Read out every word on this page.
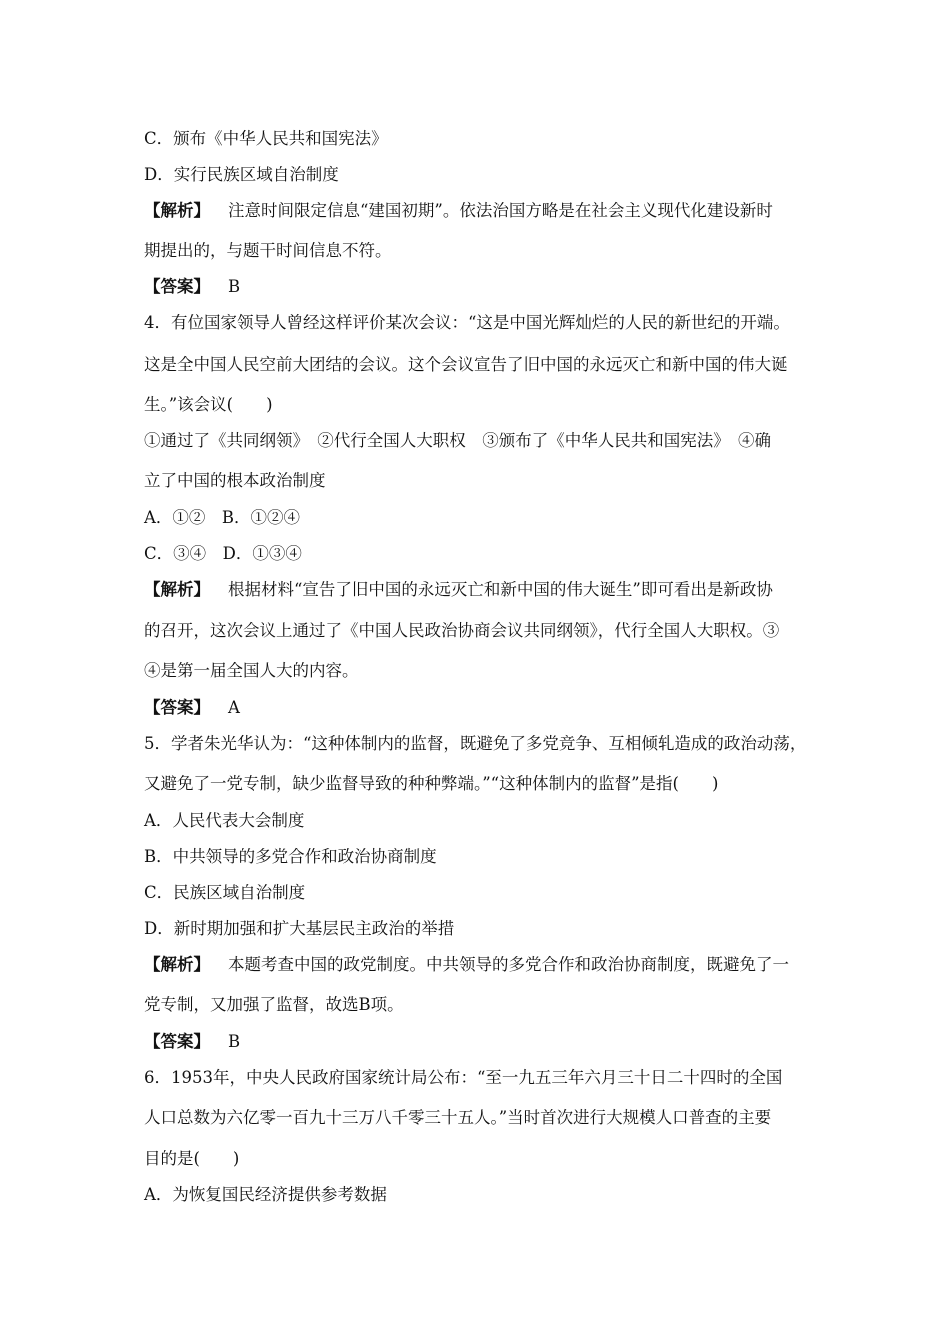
C．颁布《中华人民共和国宪法》
D．实行民族区域自治制度
【解析】 注意时间限定信息“建国初期”。依法治国方略是在社会主义现代化建设新时
期提出的，与题干时间信息不符。
【答案】 B
4．有位国家领导人曾经这样评价某次会议：“这是中国光辉灿烂的人民的新世纪的开端。
这是全中国人民空前大团结的会议。这个会议宣告了旧中国的永远灭亡和新中国的伟大诞
生。”该会议(　　)
①通过了《共同纲领》　②代行全国人大职权　③颁布了《中华人民共和国宪法》　④确
立了中国的根本政治制度
A．①②　B．①②④
C．③④　D．①③④
【解析】 根据材料“宣告了旧中国的永远灭亡和新中国的伟大诞生”即可看出是新政协
的召开，这次会议上通过了《中国人民政治协商会议共同纲领》，代行全国人大职权。③
④是第一届全国人大的内容。
【答案】 A
5．学者朱光华认为：“这种体制内的监督，既避免了多党竞争、互相倾轧造成的政治动荡，
又避免了一党专制，缺少监督导致的种种弊端。”“这种体制内的监督”是指(　　)
A．人民代表大会制度
B．中共领导的多党合作和政治协商制度
C．民族区域自治制度
D．新时期加强和扩大基层民主政治的举措
【解析】 本题考查中国的政党制度。中共领导的多党合作和政治协商制度，既避免了一
党专制，又加强了监督，故选B项。
【答案】 B
6．1953年，中央人民政府国家统计局公布：“至一九五三年六月三十日二十四时的全国
人口总数为六亿零一百九十三万八千零三十五人。”当时首次进行大规模人口普查的主要
目的是(　　)
A．为恢复国民经济提供参考数据
